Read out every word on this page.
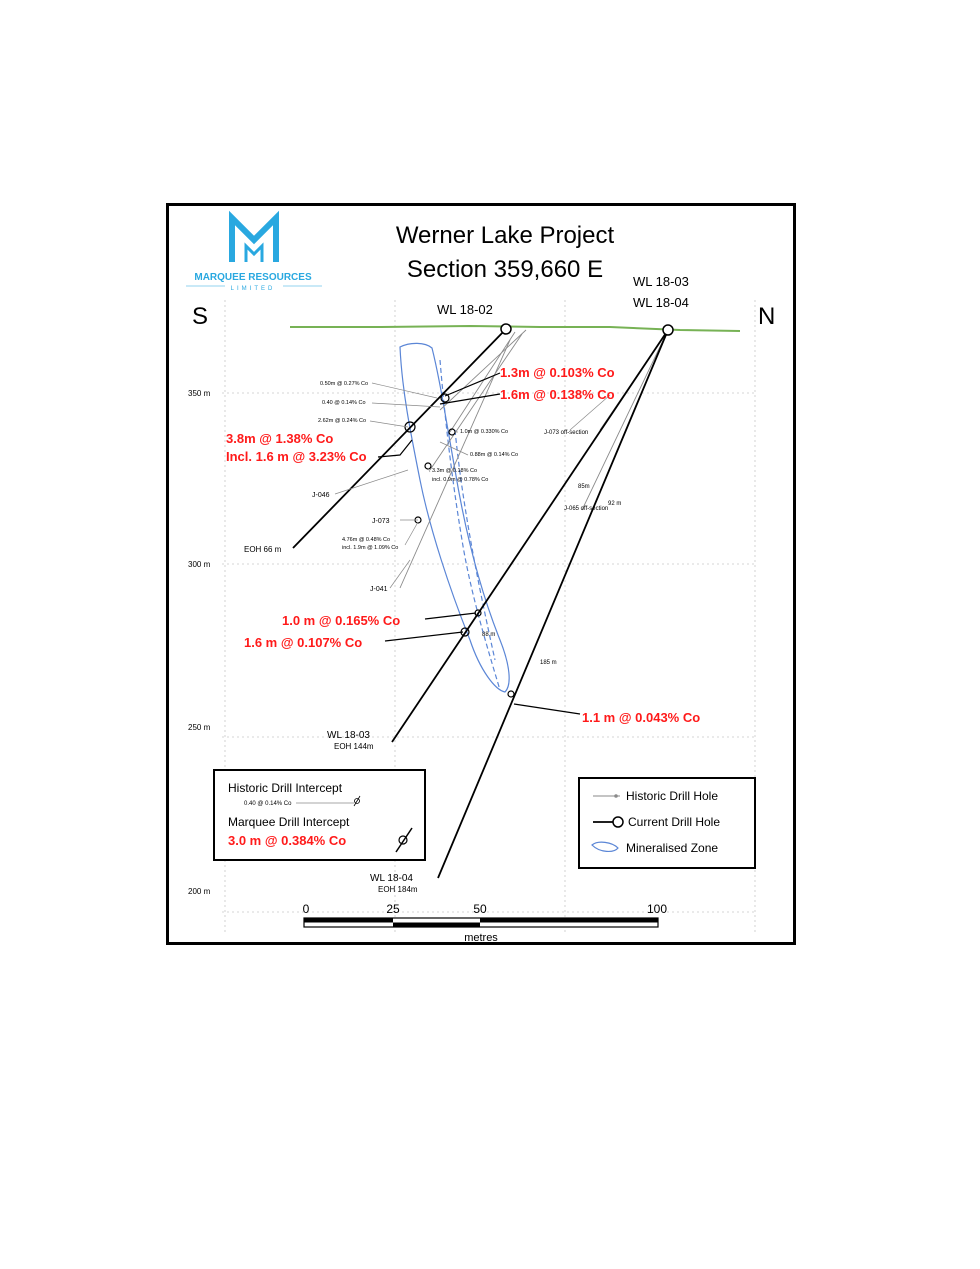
350 m
300 m
250 m
200 m
MARQUEE RESOURCES
LIMITED
Werner Lake Project
Section 359,660 E
S	N
WL 18-02
WL 18-03
WL 18-04
1.3m @ 0.103% Co
1.6m @ 0.138% Co
3.8m @ 1.38% Co
Incl. 1.6 m @ 3.23% Co
1.0 m @ 0.165% Co
1.6 m @ 0.107% Co
1.1 m @ 0.043% Co
0.50m @ 0.27% Co
0.40 @ 0.14% Co
2.62m @ 0.24% Co
1.0m @ 0.330% Co
0.88m @ 0.14% Co
3.3m @ 0.18% Co
incl. 0.9m @ 0.78% Co
4.76m @ 0.48% Co
incl. 1.9m @ 1.09% Co
J-046
J-073
J-041
J-073 off-section
J-065 off-section
85m
92 m
88 m
185 m
EOH 66 m
WL 18-03
EOH 144m
WL 18-04
EOH 184m
Historic Drill Intercept
0.40 @ 0.14% Co
Marquee Drill Intercept
3.0 m @ 0.384% Co
Historic Drill Hole
Current Drill Hole
Mineralised Zone
0	25	50	100
metres
